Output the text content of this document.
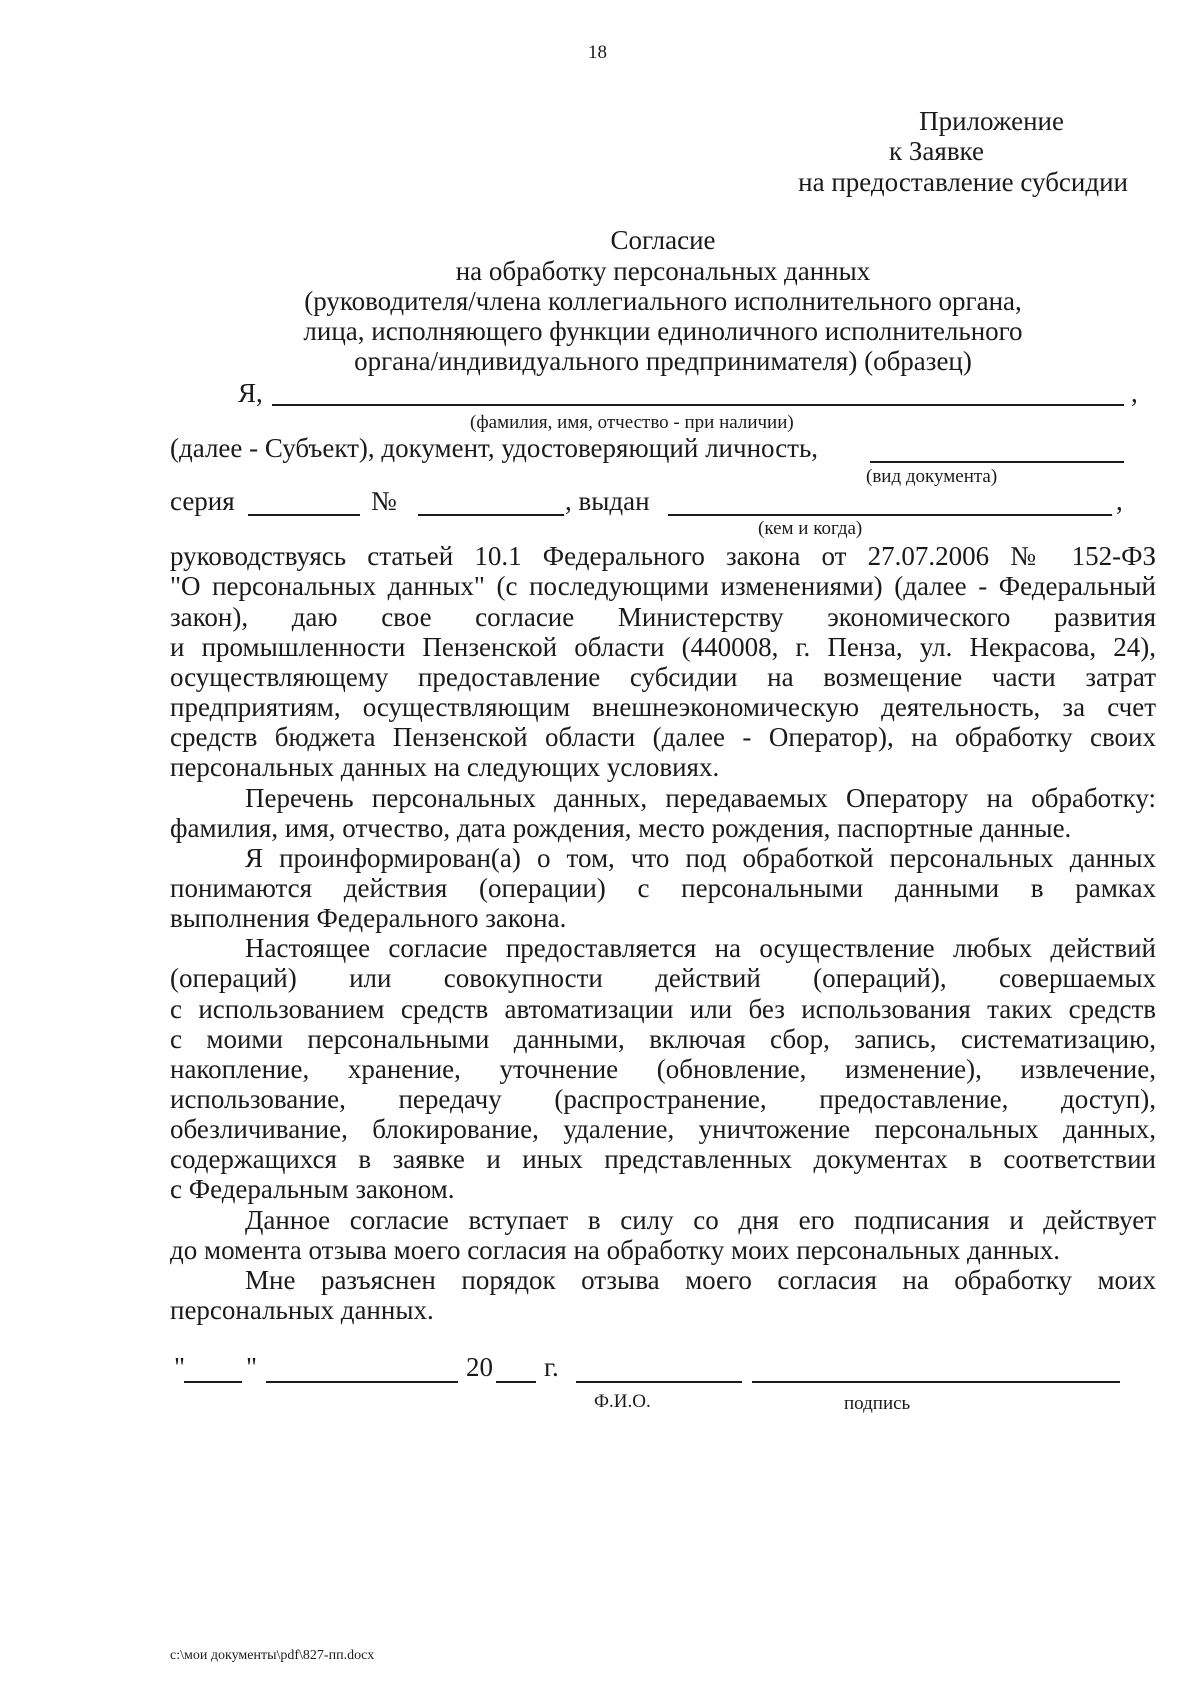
18
Приложение
к Заявке
на предоставление субсидии
Согласие
на обработку персональных данных
(руководителя/члена коллегиального исполнительного органа,
лица, исполняющего функции единоличного исполнительного
органа/индивидуального предпринимателя) (образец)
Я,	,
(фамилия, имя, отчество - при наличии)
(далее - Субъект), документ, удостоверяющий личность,
(вид документа)
серия	№	, выдан	,
(кем и когда)
руководствуясь статьей 10.1 Федерального закона от 27.07.2006 № 152-ФЗ
"О персональных данных" (с последующими изменениями) (далее - Федеральный
закон), даю свое согласие Министерству экономического развития
и промышленности Пензенской области (440008, г. Пенза, ул. Некрасова, 24),
осуществляющему предоставление субсидии на возмещение части затрат
предприятиям, осуществляющим внешнеэкономическую деятельность, за счет
средств бюджета Пензенской области (далее - Оператор), на обработку своих
персональных данных на следующих условиях.
Перечень персональных данных, передаваемых Оператору на обработку:
фамилия, имя, отчество, дата рождения, место рождения, паспортные данные.
Я проинформирован(а) о том, что под обработкой персональных данных
понимаются действия (операции) с персональными данными в рамках
выполнения Федерального закона.
Настоящее согласие предоставляется на осуществление любых действий
(операций) или совокупности действий (операций), совершаемых
с использованием средств автоматизации или без использования таких средств
с моими персональными данными, включая сбор, запись, систематизацию,
накопление, хранение, уточнение (обновление, изменение), извлечение,
использование, передачу (распространение, предоставление, доступ),
обезличивание, блокирование, удаление, уничтожение персональных данных,
содержащихся в заявке и иных представленных документах в соответствии
с Федеральным законом.
Данное согласие вступает в силу со дня его подписания и действует
до момента отзыва моего согласия на обработку моих персональных данных.
Мне разъяснен порядок отзыва моего согласия на обработку моих
персональных данных.
" "	20 г.
Ф.И.О.	подпись
c:\мои документы\pdf\827-пп.docx
